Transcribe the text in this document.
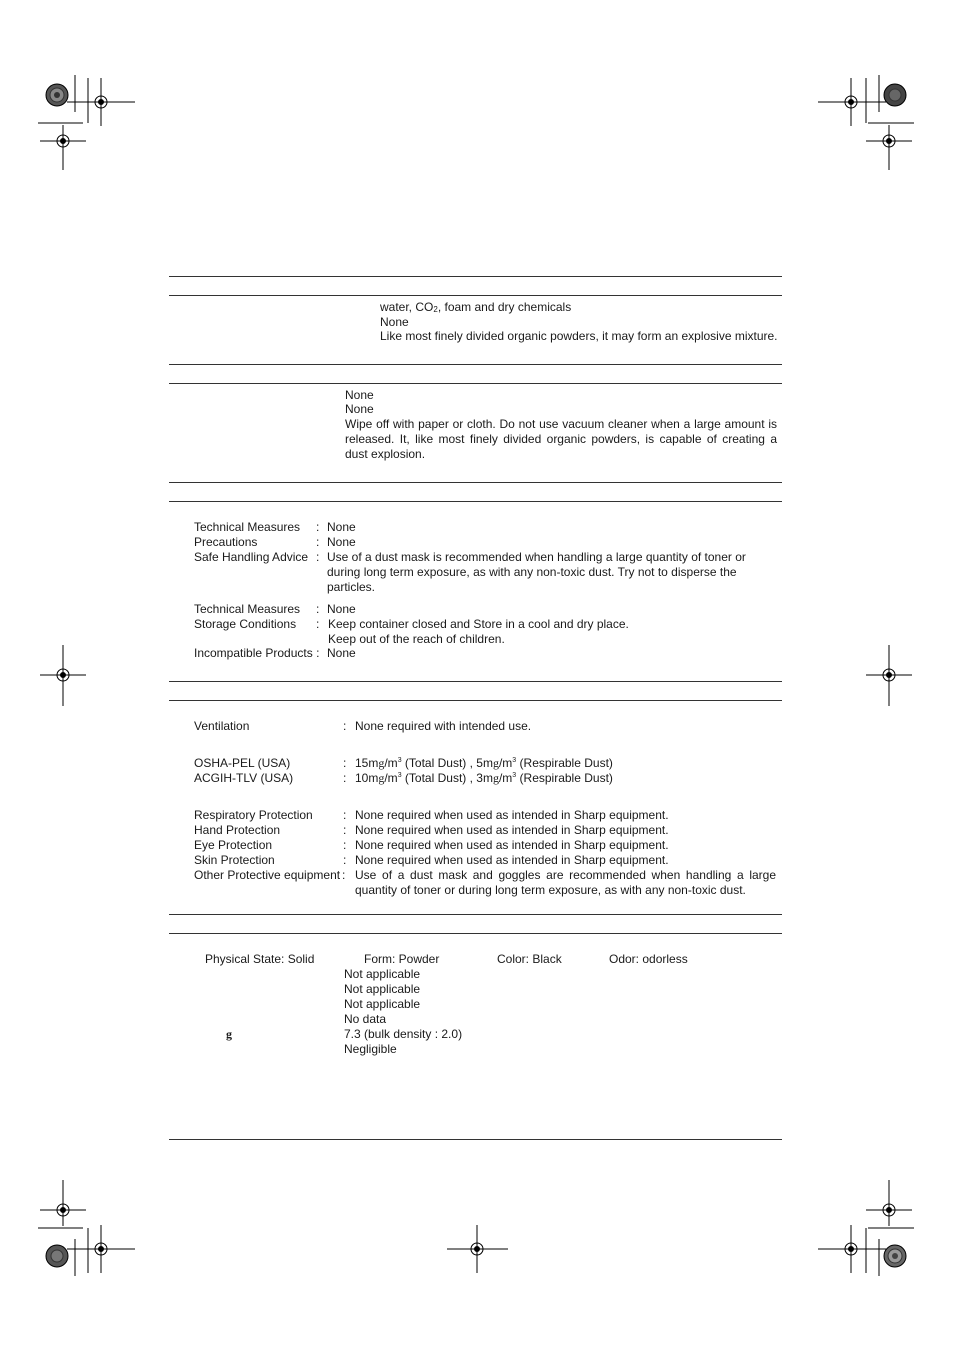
water, $CO_2$, foam and dry chemicals
None
Like most finely divided organic powders, it may form an explosive mixture.
None
None
Wipe off with paper or cloth. Do not use vacuum cleaner when a large amount is released. It, like most finely divided organic powders, is capable of creating a dust explosion.
Technical Measures : None
Precautions	: None
Safe Handling Advice : Use of a dust mask is recommended when handling a large quantity of toner or during long term exposure, as with any non-toxic dust. Try not to disperse the particles.
Technical Measures : None
Storage Conditions : Keep container closed and Store in a cool and dry place.
Keep out of the reach of children.
Incompatible Products : None
Ventilation	: None required with intended use.
OSHA-PEL (USA)	: $15mg/m^3$ (Total Dust) , $5mg/m^3$ (Respirable Dust)
ACGIH-TLV (USA)	: $10mg/m^3$ (Total Dust) , $3mg/m^3$ (Respirable Dust)
Respiratory Protection	: None required when used as intended in Sharp equipment.
Hand Protection	: None required when used as intended in Sharp equipment.
Eye Protection	: None required when used as intended in Sharp equipment.
Skin Protection	: None required when used as intended in Sharp equipment.
Other Protective equipment : Use of a dust mask and goggles are recommended when handling a large quantity of toner or during long term exposure, as with any non-toxic dust.
Physical State: Solid	Form: Powder	Color: Black	Odor: odorless
Not applicable
Not applicable
Not applicable
No data
g	7.3 (bulk density : 2.0)
Negligible
